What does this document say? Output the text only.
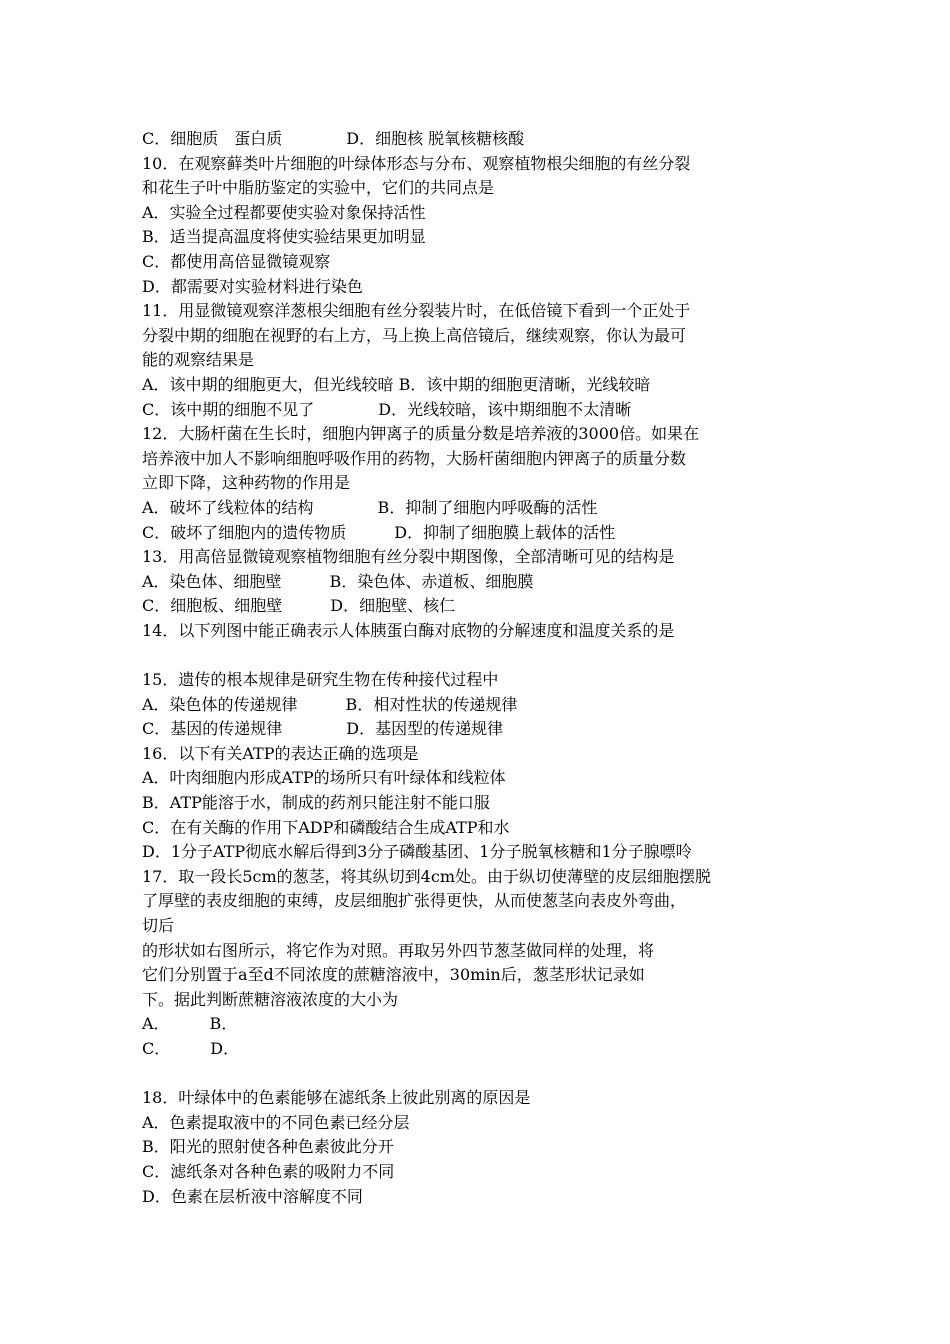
C．细胞质　蛋白质　　　　D．细胞核 脱氧核糖核酸
10．在观察藓类叶片细胞的叶绿体形态与分布、观察植物根尖细胞的有丝分裂
和花生子叶中脂肪鉴定的实验中，它们的共同点是
A．实验全过程都要使实验对象保持活性
B．适当提高温度将使实验结果更加明显
C．都使用高倍显微镜观察
D．都需要对实验材料进行染色
11．用显微镜观察洋葱根尖细胞有丝分裂装片时，在低倍镜下看到一个正处于
分裂中期的细胞在视野的右上方，马上换上高倍镜后，继续观察，你认为最可
能的观察结果是
A．该中期的细胞更大，但光线较暗 B．该中期的细胞更清晰，光线较暗
C．该中期的细胞不见了　　　　D．光线较暗，该中期细胞不太清晰
12．大肠杆菌在生长时，细胞内钾离子的质量分数是培养液的3000倍。如果在
培养液中加人不影响细胞呼吸作用的药物，大肠杆菌细胞内钾离子的质量分数
立即下降，这种药物的作用是
A．破坏了线粒体的结构　　　　B．抑制了细胞内呼吸酶的活性
C．破坏了细胞内的遗传物质　　　D．抑制了细胞膜上载体的活性
13．用高倍显微镜观察植物细胞有丝分裂中期图像，全部清晰可见的结构是
A．染色体、细胞壁　　　B．染色体、赤道板、细胞膜
C．细胞板、细胞壁　　　D．细胞壁、核仁
14．以下列图中能正确表示人体胰蛋白酶对底物的分解速度和温度关系的是
15．遗传的根本规律是研究生物在传种接代过程中
A．染色体的传递规律　　　B．相对性状的传递规律
C．基因的传递规律　　　　D．基因型的传递规律
16．以下有关ATP的表达正确的选项是
A．叶肉细胞内形成ATP的场所只有叶绿体和线粒体
B．ATP能溶于水，制成的药剂只能注射不能口服
C．在有关酶的作用下ADP和磷酸结合生成ATP和水
D．1分子ATP彻底水解后得到3分子磷酸基团、1分子脱氧核糖和1分子腺嘌呤
17．取一段长5cm的葱茎，将其纵切到4cm处。由于纵切使薄壁的皮层细胞摆脱
了厚壁的表皮细胞的束缚，皮层细胞扩张得更快，从而使葱茎向表皮外弯曲，
切后
的形状如右图所示，将它作为对照。再取另外四节葱茎做同样的处理，将
它们分别置于a至d不同浓度的蔗糖溶液中，30min后，葱茎形状记录如
下。据此判断蔗糖溶液浓度的大小为
A．　　　B．
C．　　　D．
18．叶绿体中的色素能够在滤纸条上彼此别离的原因是
A．色素提取液中的不同色素已经分层
B．阳光的照射使各种色素彼此分开
C．滤纸条对各种色素的吸附力不同
D．色素在层析液中溶解度不同
